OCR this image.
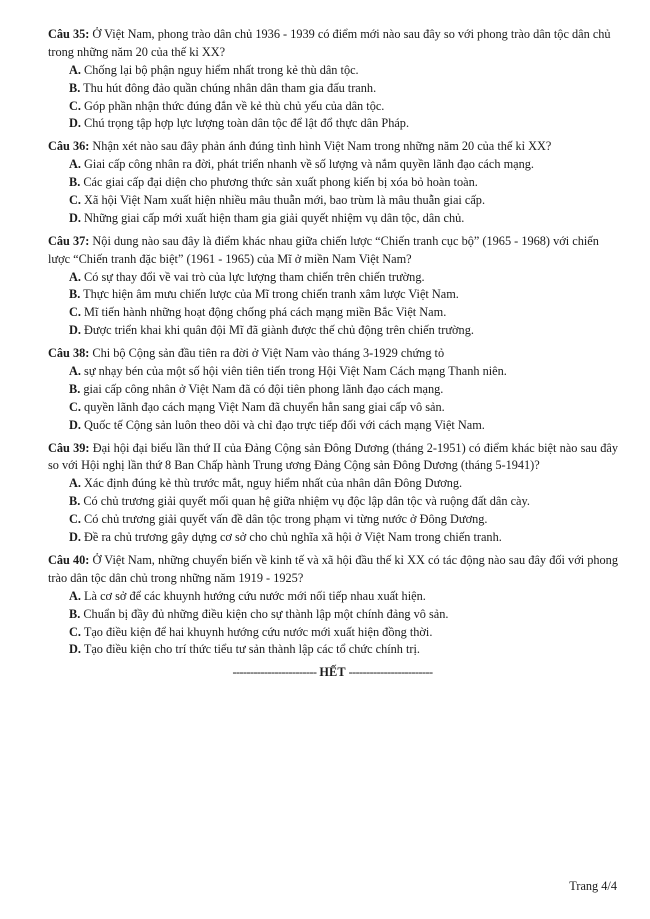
Câu 35: Ở Việt Nam, phong trào dân chủ 1936 - 1939 có điểm mới nào sau đây so với phong trào dân tộc dân chủ trong những năm 20 của thế kỉ XX?

A. Chống lại bộ phận nguy hiểm nhất trong kẻ thù dân tộc.
B. Thu hút đông đảo quần chúng nhân dân tham gia đấu tranh.
C. Góp phần nhận thức đúng đắn về kẻ thù chủ yếu của dân tộc.
D. Chú trọng tập hợp lực lượng toàn dân tộc để lật đổ thực dân Pháp.

Câu 36: Nhận xét nào sau đây phản ánh đúng tình hình Việt Nam trong những năm 20 của thế kỉ XX?

A. Giai cấp công nhân ra đời, phát triển nhanh về số lượng và nắm quyền lãnh đạo cách mạng.
B. Các giai cấp đại diện cho phương thức sản xuất phong kiến bị xóa bỏ hoàn toàn.
C. Xã hội Việt Nam xuất hiện nhiều mâu thuẫn mới, bao trùm là mâu thuẫn giai cấp.
D. Những giai cấp mới xuất hiện tham gia giải quyết nhiệm vụ dân tộc, dân chủ.

Câu 37: Nội dung nào sau đây là điểm khác nhau giữa chiến lược “Chiến tranh cục bộ” (1965 - 1968) với chiến lược “Chiến tranh đặc biệt” (1961 - 1965) của Mĩ ở miền Nam Việt Nam?

A. Có sự thay đổi về vai trò của lực lượng tham chiến trên chiến trường.
B. Thực hiện âm mưu chiến lược của Mĩ trong chiến tranh xâm lược Việt Nam.
C. Mĩ tiến hành những hoạt động chống phá cách mạng miền Bắc Việt Nam.
D. Được triển khai khi quân đội Mĩ đã giành được thế chủ động trên chiến trường.

Câu 38: Chi bộ Cộng sản đầu tiên ra đời ở Việt Nam vào tháng 3-1929 chứng tỏ

A. sự nhạy bén của một số hội viên tiên tiến trong Hội Việt Nam Cách mạng Thanh niên.
B. giai cấp công nhân ở Việt Nam đã có đội tiên phong lãnh đạo cách mạng.
C. quyền lãnh đạo cách mạng Việt Nam đã chuyển hẳn sang giai cấp vô sản.
D. Quốc tế Cộng sản luôn theo dõi và chỉ đạo trực tiếp đối với cách mạng Việt Nam.

Câu 39: Đại hội đại biểu lần thứ II của Đảng Cộng sản Đông Dương (tháng 2-1951) có điểm khác biệt nào sau đây so với Hội nghị lần thứ 8 Ban Chấp hành Trung ương Đảng Cộng sản Đông Dương (tháng 5-1941)?

A. Xác định đúng kẻ thù trước mắt, nguy hiểm nhất của nhân dân Đông Dương.
B. Có chủ trương giải quyết mối quan hệ giữa nhiệm vụ độc lập dân tộc và ruộng đất dân cày.
C. Có chủ trương giải quyết vấn đề dân tộc trong phạm vi từng nước ở Đông Dương.
D. Đề ra chủ trương gây dựng cơ sở cho chủ nghĩa xã hội ở Việt Nam trong chiến tranh.

Câu 40: Ở Việt Nam, những chuyển biến về kinh tế và xã hội đầu thế kỉ XX có tác động nào sau đây đối với phong trào dân tộc dân chủ trong những năm 1919 - 1925?

A. Là cơ sở để các khuynh hướng cứu nước mới nối tiếp nhau xuất hiện.
B. Chuẩn bị đầy đủ những điều kiện cho sự thành lập một chính đảng vô sản.
C. Tạo điều kiện để hai khuynh hướng cứu nước mới xuất hiện đồng thời.
D. Tạo điều kiện cho trí thức tiểu tư sản thành lập các tổ chức chính trị.
------------------------ HẾT ------------------------
Trang 4/4
